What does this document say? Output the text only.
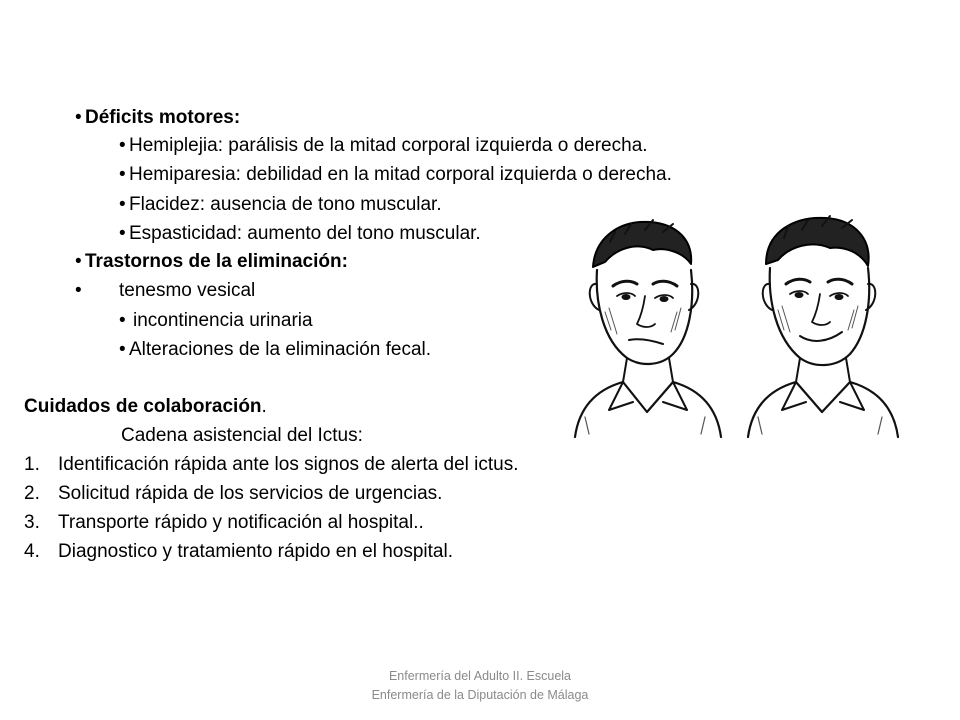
• Déficits motores:
• Hemiplejia: parálisis de la mitad corporal izquierda o derecha.
• Hemiparesia: debilidad en la mitad corporal izquierda o derecha.
• Flacidez: ausencia de tono muscular.
• Espasticidad: aumento del tono muscular.
• Trastornos de la eliminación:
• tenesmo vesical
• incontinencia urinaria
• Alteraciones de la eliminación fecal.
Cuidados de colaboración.
Cadena asistencial del Ictus:
1. Identificación rápida ante los signos de alerta del ictus.
2. Solicitud rápida de los servicios de urgencias.
3. Transporte rápido y notificación al hospital..
4. Diagnostico y tratamiento rápido en el hospital.
Enfermería del Adulto II. Escuela
Enfermería de la Diputación de Málaga
